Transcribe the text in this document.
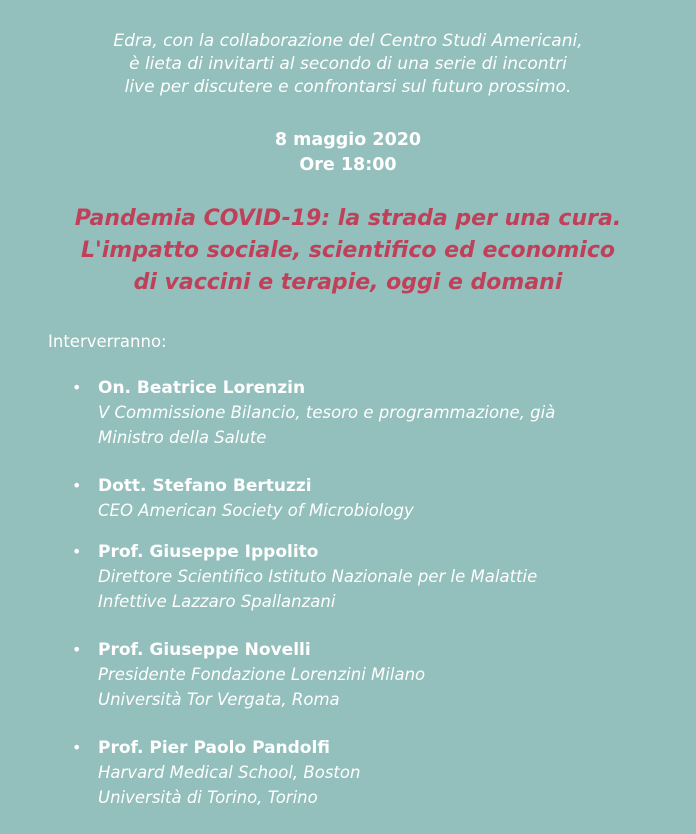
Edra, con la collaborazione del Centro Studi Americani,
è lieta di invitarti al secondo di una serie di incontri
live per discutere e confrontarsi sul futuro prossimo.
8 maggio 2020
Ore 18:00
Pandemia COVID-19: la strada per una cura.
L'impatto sociale, scientifico ed economico
di vaccini e terapie, oggi e domani
Interverranno:
• On. Beatrice Lorenzin
V Commissione Bilancio, tesoro e programmazione, già
Ministro della Salute
• Dott. Stefano Bertuzzi
CEO American Society of Microbiology
• Prof. Giuseppe Ippolito
Direttore Scientifico Istituto Nazionale per le Malattie
Infettive Lazzaro Spallanzani
• Prof. Giuseppe Novelli
Presidente Fondazione Lorenzini Milano
Università Tor Vergata, Roma
• Prof. Pier Paolo Pandolfi
Harvard Medical School, Boston
Università di Torino, Torino
